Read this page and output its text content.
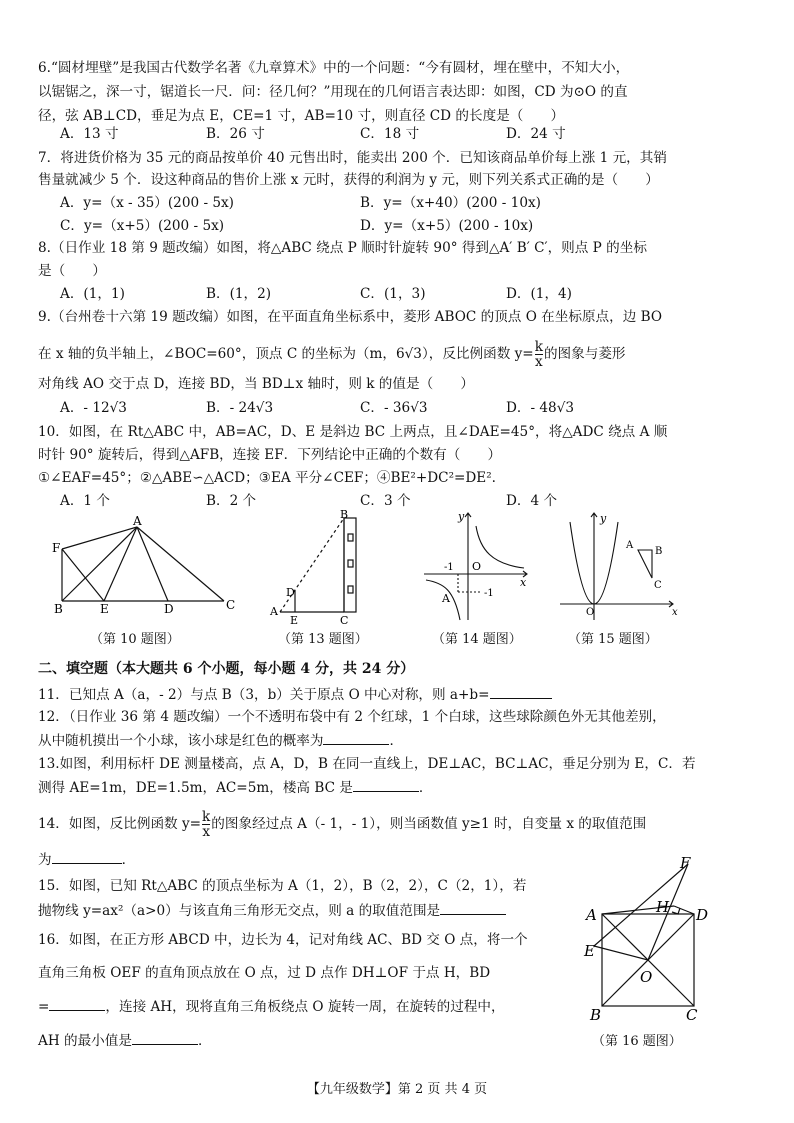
6.“圆材埋壁”是我国古代数学名著《九章算术》中的一个问题：“今有圆材，埋在壁中，不知大小，
以锯锯之，深一寸，锯道长一尺．问：径几何？”用现在的几何语言表达即：如图，CD 为⊙O 的直
径，弦 AB⊥CD，垂足为点 E，CE=1 寸，AB=10 寸，则直径 CD 的长度是（　　）
A．13 寸	B．26 寸	C．18 寸	D．24 寸
7．将进货价格为 35 元的商品按单价 40 元售出时，能卖出 200 个．已知该商品单价每上涨 1 元，其销
售量就减少 5 个．设这种商品的售价上涨 x 元时，获得的利润为 y 元，则下列关系式正确的是（　　）
A．y=（x - 35）(200 - 5x)	B．y=（x+40）(200 - 10x)
C．y=（x+5）(200 - 5x)	D．y=（x+5）(200 - 10x)
8.（日作业 18 第 9 题改编）如图，将△ABC 绕点 P 顺时针旋转 90° 得到△A′ B′ C′，则点 P 的坐标
是（　　）
A．(1，1)	B．(1，2)	C．(1，3)	D．(1，4)
9.（台州卷十六第 19 题改编）如图，在平面直角坐标系中，菱形 ABOC 的顶点 O 在坐标原点，边 BO
在 x 轴的负半轴上，∠BOC=60°，顶点 C 的坐标为（m，6√3），反比例函数 $y= \frac{k}{x}$ 的图象与菱形
对角线 AO 交于点 D，连接 BD，当 BD⊥x 轴时，则 k 的值是（　　）
A．- 12√3	B．- 24√3	C．- 36√3	D．- 48√3
10．如图，在 Rt△ABC 中，AB=AC，D、E 是斜边 BC 上两点，且∠DAE=45°，将△ADC 绕点 A 顺
时针 90° 旋转后，得到△AFB，连接 EF．下列结论中正确的个数有（　　）
①∠EAF=45°；②△ABE∽△ACD；③EA 平分∠CEF；④BE²+DC²=DE².
A．1 个	B．2 个	C．3 个	D．4 个
A
F
B	E	D	C
（第 10 题图）
B
D
A
E	C
（第 13 题图）
y
O
x
-1
-1
A
（第 14 题图）
y
A
B
C
O	x
（第 15 题图）
二、填空题（本大题共 6 个小题，每小题 4 分，共 24 分）
11．已知点 A（a，- 2）与点 B（3，b）关于原点 O 中心对称，则 a+b=
12．（日作业 36 第 4 题改编）一个不透明布袋中有 2 个红球，1 个白球，这些球除颜色外无其他差别，
从中随机摸出一个小球，该小球是红色的概率为	．
13.如图，利用标杆 DE 测量楼高，点 A，D，B 在同一直线上，DE⊥AC，BC⊥AC，垂足分别为 E，C．若
测得 AE=1m，DE=1.5m，AC=5m，楼高 BC 是	．
14．如图，反比例函数 $y= \frac{k}{x}$ 的图象经过点 A（- 1，- 1），则当函数值 y≥1 时，自变量 x 的取值范围
为	．
15．如图，已知 Rt△ABC 的顶点坐标为 A（1，2），B（2，2），C（2，1），若
抛物线 y=ax²（a>0）与该直角三角形无交点，则 a 的取值范围是
16．如图，在正方形 ABCD 中，边长为 4，记对角线 AC、BD 交 O 点，将一个
直角三角板 OEF 的直角顶点放在 O 点，过 D 点作 DH⊥OF 于点 H，BD
=	，连接 AH，现将直角三角板绕点 O 旋转一周，在旋转的过程中，
AH 的最小值是	．
F
H
A	D
E
O
B	C
（第 16 题图）
【九年级数学】第 2 页 共 4 页
